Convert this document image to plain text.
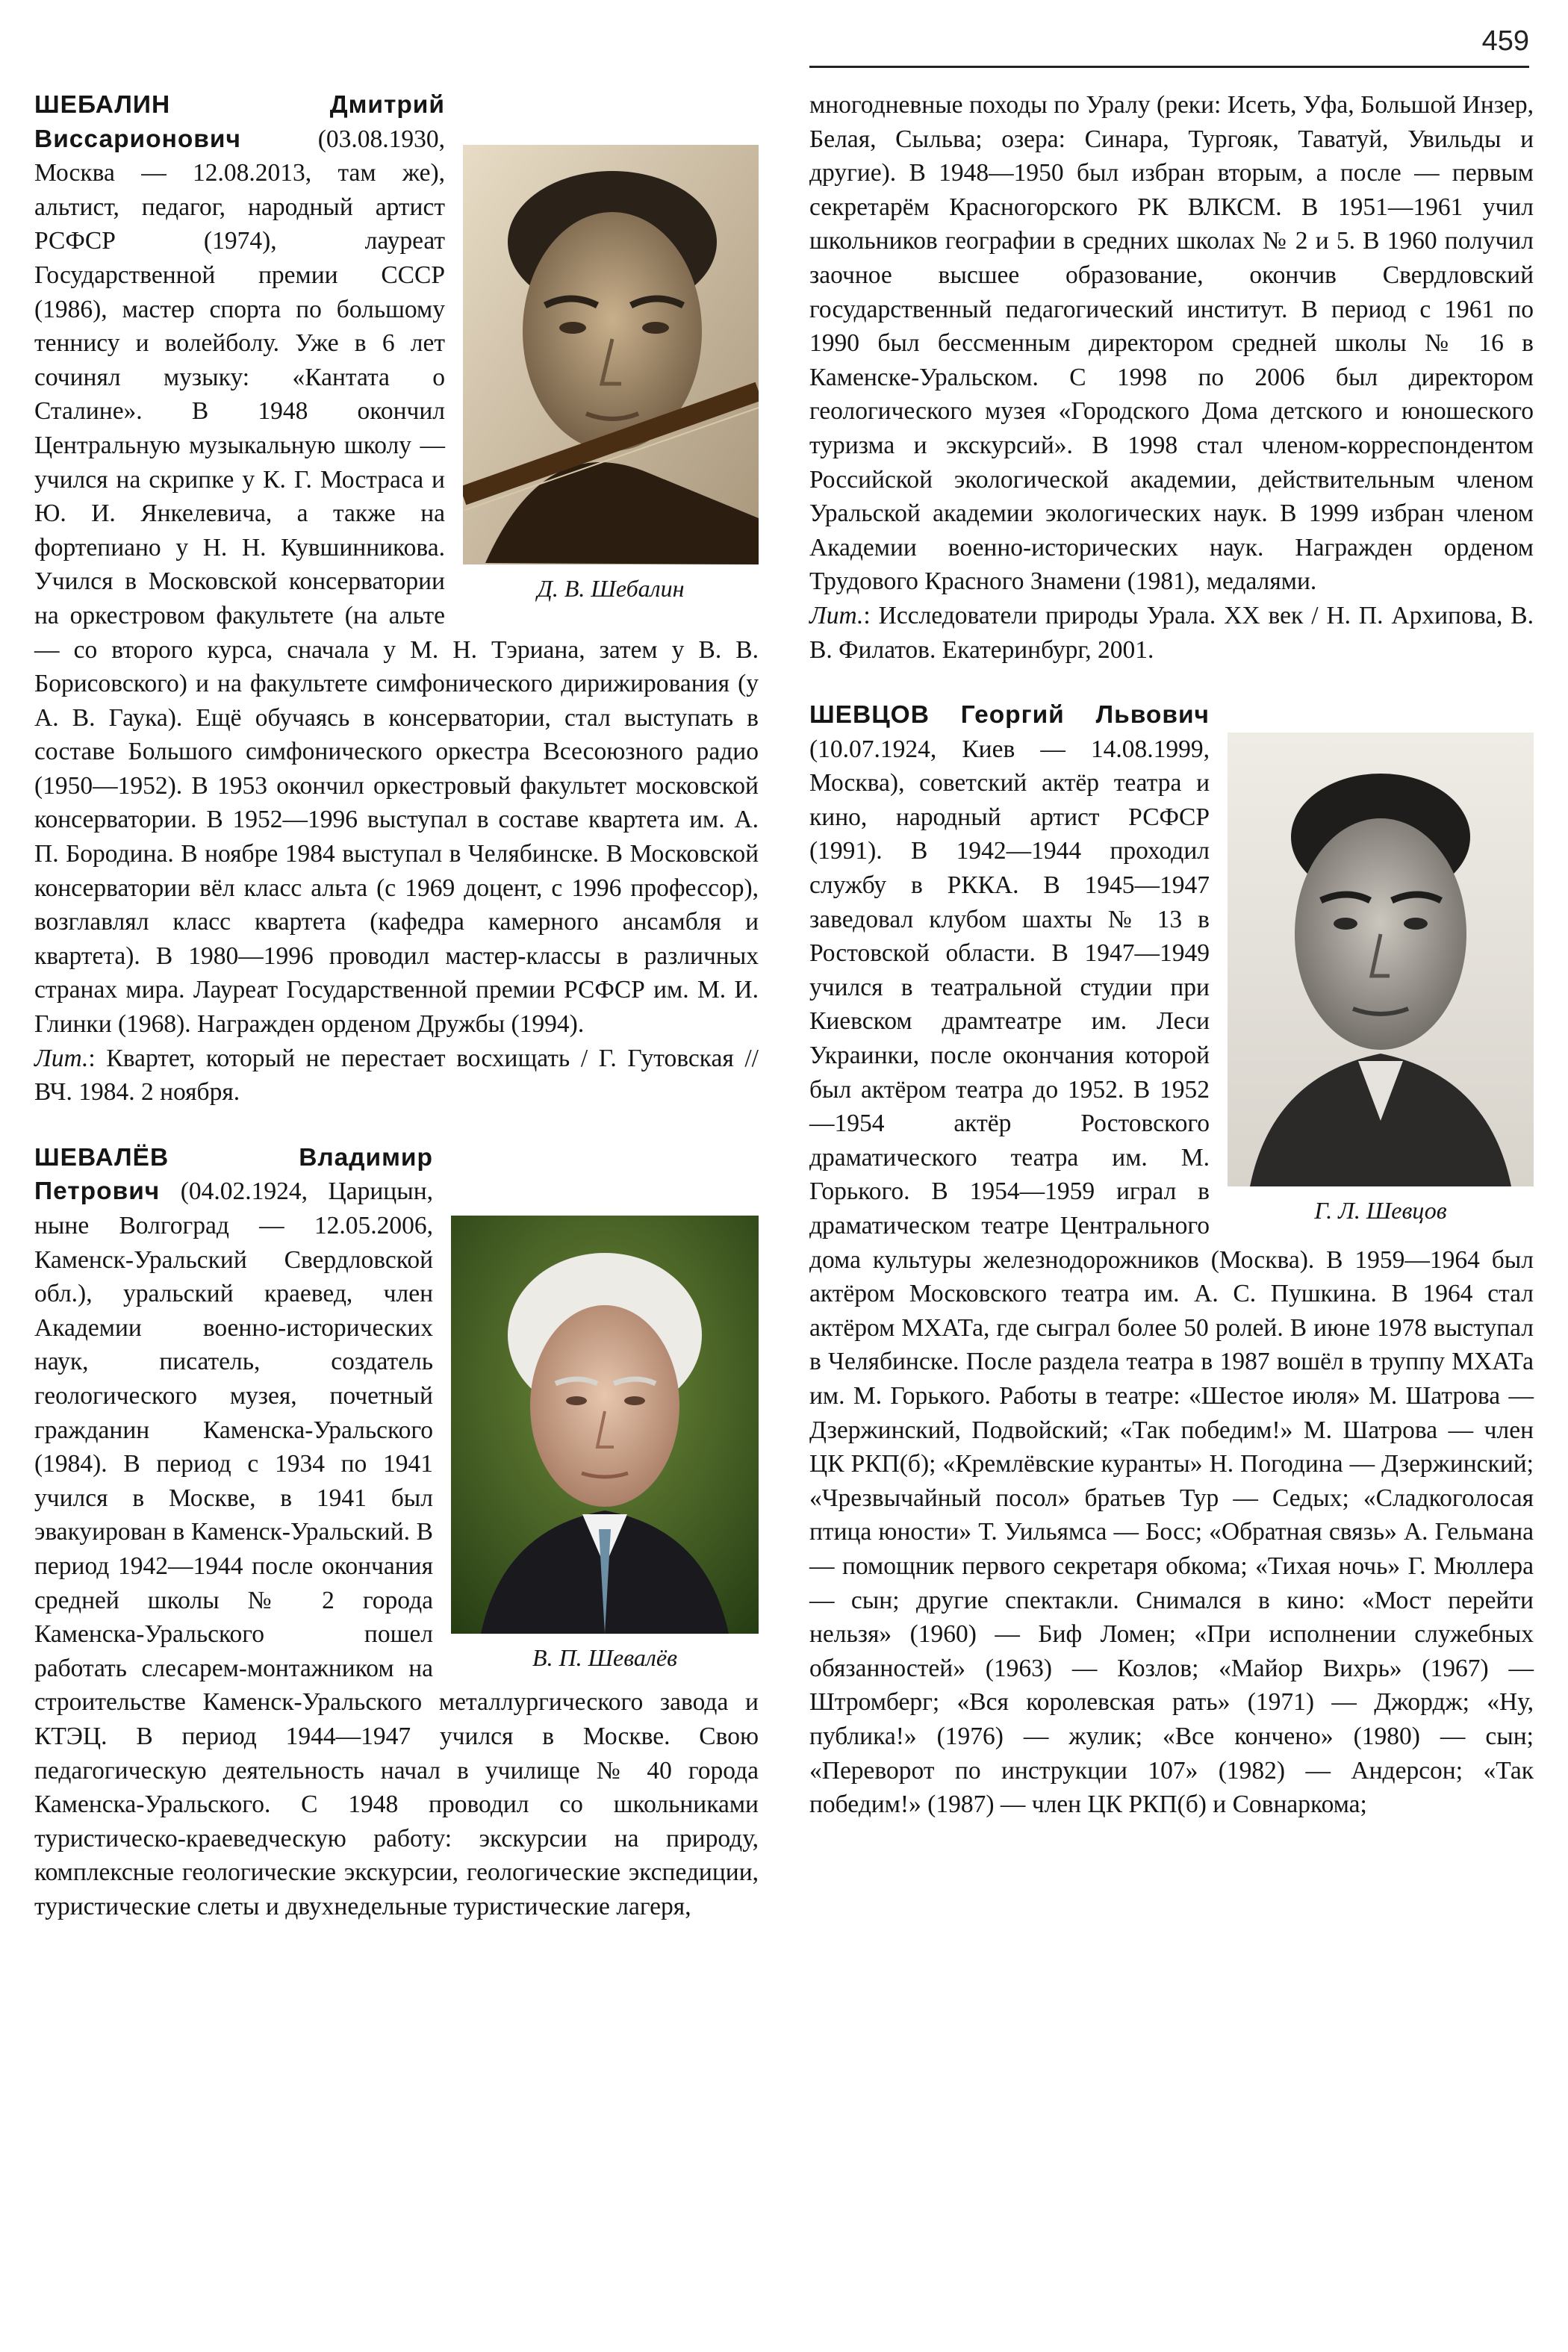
459
Д. В. Шебалин

ШЕБАЛИН Дмитрий Виссарионович	(03.08.1930, Москва — 12.08.2013, там же), альтист, педагог, народный артист РСФСР (1974), лауреат Государственной премии СССР (1986), мастер спорта по большому теннису и волейболу. Уже в 6 лет сочинял музыку: «Кантата о Сталине». В 1948 окончил Центральную музыкальную школу — учился на скрипке у К. Г. Мостраса и Ю. И. Янкелевича, а также на фортепиано у Н. Н. Кувшинникова. Учился в Московской консерватории на оркестровом факультете (на альте — со второго курса, сначала у М. Н. Тэриана, затем у В. В. Борисовского) и на факультете симфонического дирижирования (у А. В. Гаука). Ещё обучаясь в консерватории, стал выступать в составе Большого симфонического оркестра Всесоюзного радио (1950—1952). В 1953 окончил оркестровый факультет московской консерватории. В 1952—1996 выступал в составе квартета им. А. П. Бородина. В ноябре 1984 выступал в Челябинске. В Московской консерватории вёл класс альта (с 1969 доцент, с 1996 профессор), возглавлял класс квартета (кафедра камерного ансамбля и квартета). В 1980—1996 проводил мастер-классы в различных странах мира. Лауреат Государственной премии РСФСР им. М. И. Глинки (1968). Награжден орденом Дружбы (1994).

Лит.: Квартет, который не перестает восхищать / Г. Гутовская // ВЧ. 1984. 2 ноября.

В. П. Шевалёв

ШЕВАЛЁВ Владимир Петрович (04.02.1924, Царицын, ныне Волгоград — 12.05.2006, Каменск-Уральский Свердловской обл.), уральский краевед, член Академии военно-исторических наук, писатель, создатель геологического музея, почетный гражданин Каменска-Уральского (1984). В период с 1934 по 1941 учился в Москве, в 1941 был эвакуирован в Каменск-Уральский. В период 1942—1944 после окончания средней школы № 2 города Каменска-Уральского пошел работать слесарем-монтажником на строительстве Каменск-Уральского металлургического завода и КТЭЦ. В период 1944—1947 учился в Москве. Свою педагогическую деятельность начал в училище № 40 города Каменска-Уральского. С 1948 проводил со школьниками туристическо-краеведческую работу: экскурсии на природу, комплексные геологические экскурсии, геологические экспедиции, туристические слеты и двухнедельные туристические лагеря,

многодневные походы по Уралу (реки: Исеть, Уфа, Большой Инзер, Белая, Сыльва; озера: Синара, Тургояк, Таватуй, Увильды и другие). В 1948—1950 был избран вторым, а после — первым секретарём Красногорского РК ВЛКСМ. В 1951—1961 учил школьников географии в средних школах № 2 и 5. В 1960 получил заочное высшее образование, окончив Свердловский государственный педагогический институт. В период с 1961 по 1990 был бессменным директором средней школы № 16 в Каменске-Уральском. С 1998 по 2006 был директором геологического музея «Городского Дома детского и юношеского туризма и экскурсий». В 1998 стал членом-корреспондентом Российской экологической академии, действительным членом Уральской академии экологических наук. В 1999 избран членом Академии военно-исторических наук. Награжден орденом Трудового Красного Знамени (1981), медалями.

Лит.: Исследователи природы Урала. XX век / Н. П. Архипова, В. В. Филатов. Екатеринбург, 2001.

Г. Л. Шевцов

ШЕВЦОВ Георгий Львович (10.07.1924, Киев — 14.08.1999, Москва), советский актёр театра и кино, народный артист РСФСР (1991). В 1942—1944 проходил службу в РККА. В 1945—1947 заведовал клубом шахты № 13 в Ростовской области. В 1947—1949 учился в театральной студии при Киевском драмтеатре им. Леси Украинки, после окончания которой был актёром театра до 1952. В 1952—1954 актёр Ростовского драматического театра им. М. Горького. В 1954—1959 играл в драматическом театре Центрального дома культуры железнодорожников (Москва). В 1959—1964 был актёром Московского театра им. А. С. Пушкина. В 1964 стал актёром МХАТа, где сыграл более 50 ролей. В июне 1978 выступал в Челябинске. После раздела театра в 1987 вошёл в труппу МХАТа им. М. Горького. Работы в театре: «Шестое июля» М. Шатрова — Дзержинский, Подвойский; «Так победим!» М. Шатрова — член ЦК РКП(б); «Кремлёвские куранты» Н. Погодина — Дзержинский; «Чрезвычайный посол» братьев Тур — Седых; «Сладкоголосая птица юности» Т. Уильямса — Босс; «Обратная связь» А. Гельмана — помощник первого секретаря обкома; «Тихая ночь» Г. Мюллера — сын; другие спектакли. Снимался в кино: «Мост перейти нельзя» (1960) — Биф Ломен; «При исполнении служебных обязанностей» (1963) — Козлов; «Майор Вихрь» (1967) — Штромберг; «Вся королевская рать» (1971) — Джордж; «Ну, публика!» (1976) — жулик; «Все кончено» (1980) — сын; «Переворот по инструкции 107» (1982) — Андерсон; «Так победим!» (1987) — член ЦК РКП(б) и Совнаркома;
